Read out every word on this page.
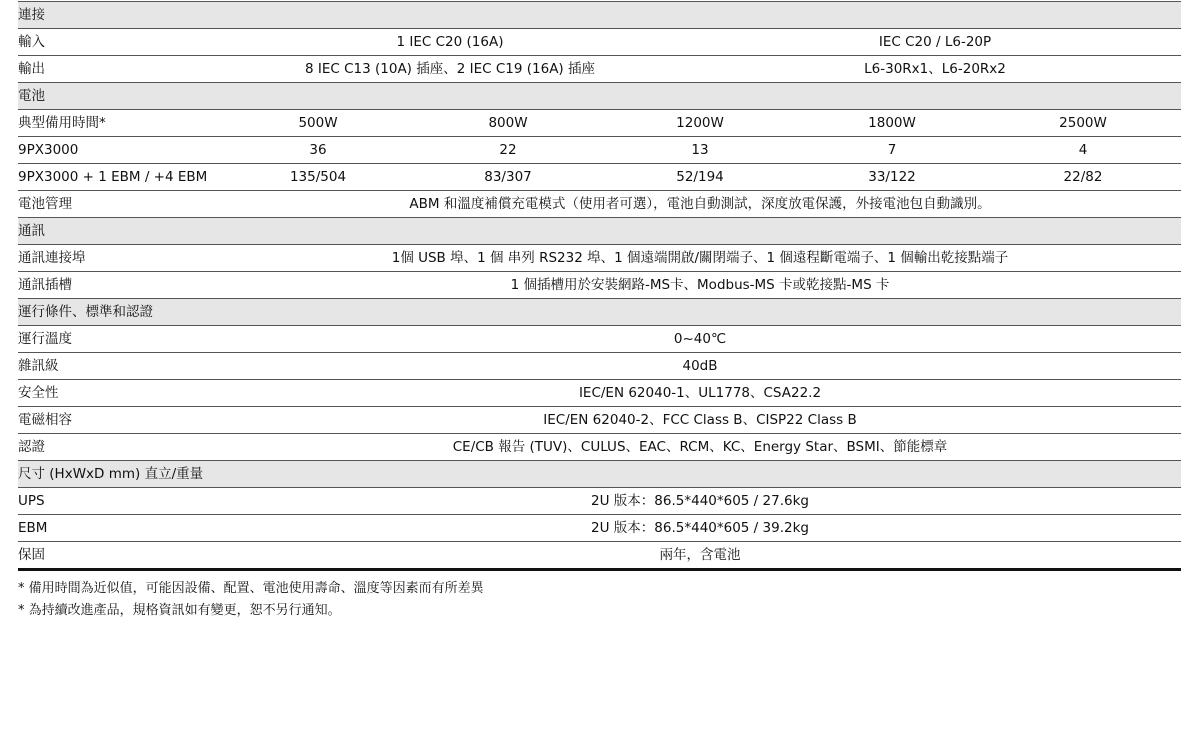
連接
輸入	1 IEC C20 (16A)	IEC C20 / L6-20P
輸出	8 IEC C13 (10A) 插座、2 IEC C19 (16A) 插座	L6-30Rx1、L6-20Rx2
電池
典型備用時間*	500W	800W	1200W	1800W	2500W
9PX3000	36	22	13	7	4
9PX3000 + 1 EBM / +4 EBM	135/504	83/307	52/194	33/122	22/82
電池管理	ABM 和溫度補償充電模式（使用者可選），電池自動測試，深度放電保護，外接電池包自動識別。
通訊
通訊連接埠	1個 USB 埠、1 個 串列 RS232 埠、1 個遠端開啟/關閉端子、1 個遠程斷電端子、1 個輸出乾接點端子
通訊插槽	1 個插槽用於安裝網路-MS卡、Modbus-MS 卡或乾接點-MS 卡
運行條件、標準和認證
運行溫度	0~40℃
雜訊級	40dB
安全性	IEC/EN 62040-1、UL1778、CSA22.2
電磁相容	IEC/EN 62040-2、FCC Class B、CISP22 Class B
認證	CE/CB 報告 (TUV)、CULUS、EAC、RCM、KC、Energy Star、BSMI、節能標章
尺寸 (HxWxD mm) 直立/重量
UPS	2U 版本：86.5*440*605 / 27.6kg
EBM	2U 版本：86.5*440*605 / 39.2kg
保固	兩年，含電池
* 備用時間為近似值，可能因設備、配置、電池使用壽命、溫度等因素而有所差異
* 為持續改進產品，規格資訊如有變更，恕不另行通知。
